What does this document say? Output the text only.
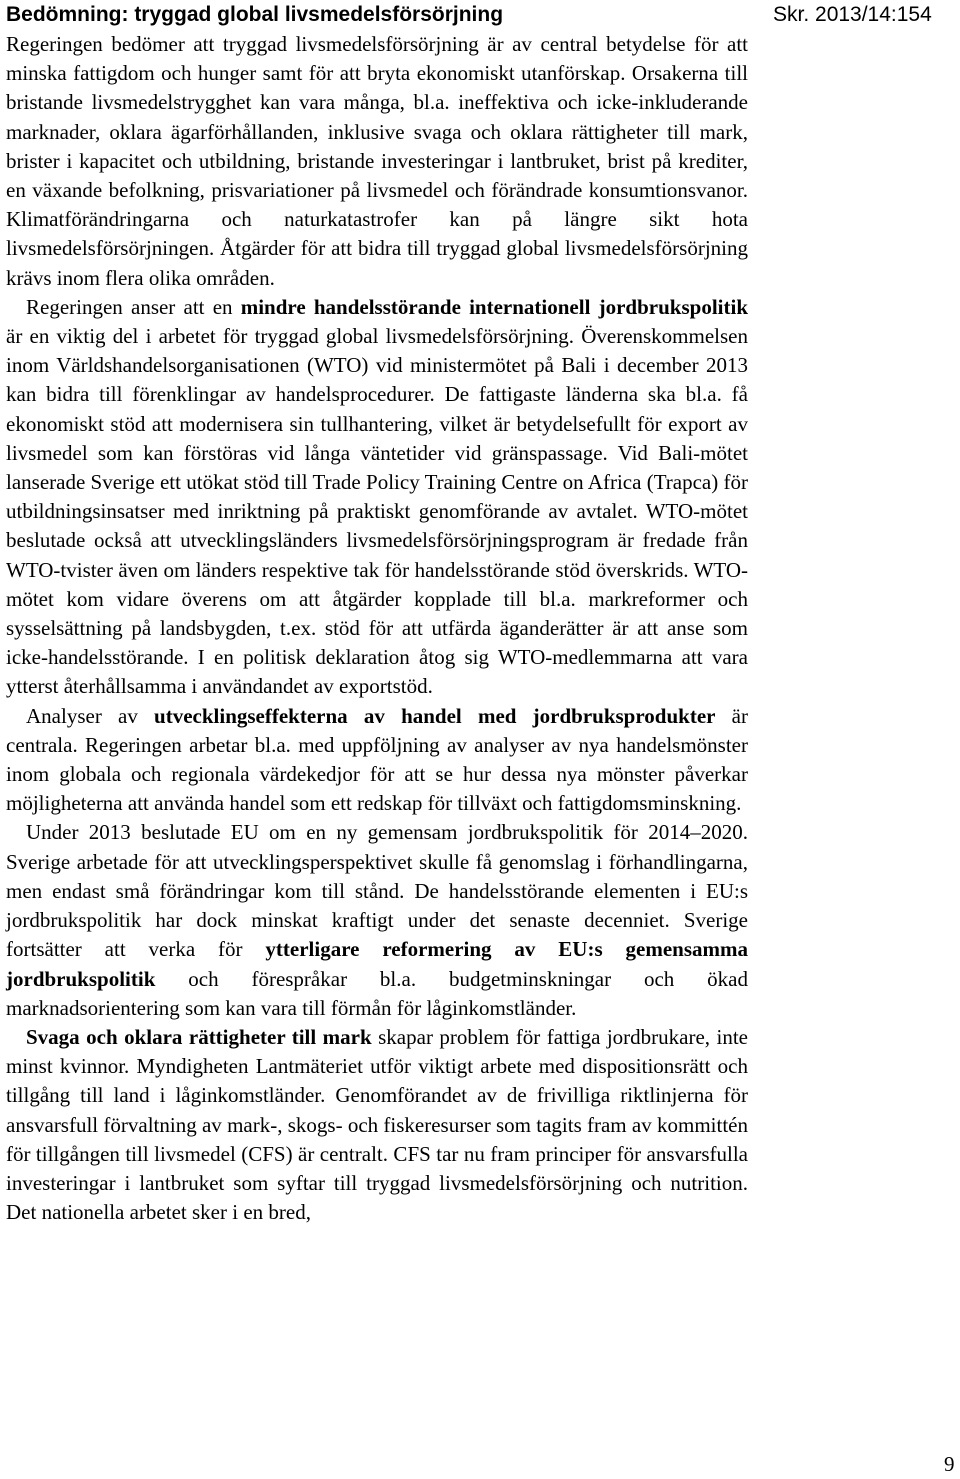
Bedömning: tryggad global livsmedelsförsörjning	Skr. 2013/14:154

Regeringen bedömer att tryggad livsmedelsförsörjning är av central betydelse för att minska fattigdom och hunger samt för att bryta ekonomiskt utanförskap. Orsakerna till bristande livsmedelstrygghet kan vara många, bl.a. ineffektiva och icke-inkluderande marknader, oklara ägarförhållanden, inklusive svaga och oklara rättigheter till mark, brister i kapacitet och utbildning, bristande investeringar i lantbruket, brist på krediter, en växande befolkning, prisvariationer på livsmedel och förändrade konsumtionsvanor. Klimatförändringarna och naturkatastrofer kan på längre sikt hota livsmedelsförsörjningen. Åtgärder för att bidra till tryggad global livsmedelsförsörjning krävs inom flera olika områden.

Regeringen anser att en mindre handelsstörande internationell jordbrukspolitik är en viktig del i arbetet för tryggad global livsmedelsförsörjning. Överenskommelsen inom Världshandelsorganisationen (WTO) vid ministermötet på Bali i december 2013 kan bidra till förenklingar av handelsprocedurer. De fattigaste länderna ska bl.a. få ekonomiskt stöd att modernisera sin tullhantering, vilket är betydelsefullt för export av livsmedel som kan förstöras vid långa väntetider vid gränspassage. Vid Bali-mötet lanserade Sverige ett utökat stöd till Trade Policy Training Centre on Africa (Trapca) för utbildningsinsatser med inriktning på praktiskt genomförande av avtalet. WTO-mötet beslutade också att utvecklingsländers livsmedelsförsörjningsprogram är fredade från WTO-tvister även om länders respektive tak för handelsstörande stöd överskrids. WTO-mötet kom vidare överens om att åtgärder kopplade till bl.a. markreformer och sysselsättning på landsbygden, t.ex. stöd för att utfärda äganderätter är att anse som icke-handelsstörande. I en politisk deklaration åtog sig WTO-medlemmarna att vara ytterst återhållsamma i användandet av exportstöd.

Analyser av utvecklingseffekterna av handel med jordbruksprodukter är centrala. Regeringen arbetar bl.a. med uppföljning av analyser av nya handelsmönster inom globala och regionala värdekedjor för att se hur dessa nya mönster påverkar möjligheterna att använda handel som ett redskap för tillväxt och fattigdomsminskning.

Under 2013 beslutade EU om en ny gemensam jordbrukspolitik för 2014–2020. Sverige arbetade för att utvecklingsperspektivet skulle få genomslag i förhandlingarna, men endast små förändringar kom till stånd. De handelsstörande elementen i EU:s jordbrukspolitik har dock minskat kraftigt under det senaste decenniet. Sverige fortsätter att verka för ytterligare reformering av EU:s gemensamma jordbrukspolitik och förespråkar bl.a. budgetminskningar och ökad marknadsorientering som kan vara till förmån för låginkomstländer.

Svaga och oklara rättigheter till mark skapar problem för fattiga jordbrukare, inte minst kvinnor. Myndigheten Lantmäteriet utför viktigt arbete med dispositionsrätt och tillgång till land i låginkomstländer. Genomförandet av de frivilliga riktlinjerna för ansvarsfull förvaltning av mark-, skogs- och fiskeresurser som tagits fram av kommittén för tillgången till livsmedel (CFS) är centralt. CFS tar nu fram principer för ansvarsfulla investeringar i lantbruket som syftar till tryggad livsmedelsförsörjning och nutrition. Det nationella arbetet sker i en bred,

9
